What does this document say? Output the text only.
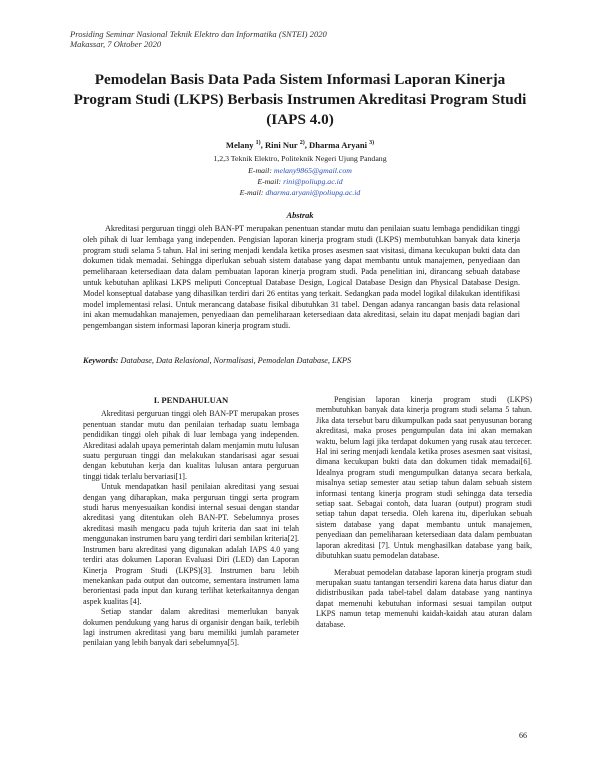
Prosiding Seminar Nasional Teknik Elektro dan Informatika (SNTEI) 2020
Makassar, 7 Oktober 2020
Pemodelan Basis Data Pada Sistem Informasi Laporan Kinerja Program Studi (LKPS) Berbasis Instrumen Akreditasi Program Studi (IAPS 4.0)
Melany $^{1)}$, Rini Nur $^{2)}$, Dharma Aryani $^{3)}$
1,2,3 Teknik Elektro, Politeknik Negeri Ujung Pandang
E-mail: melany9865@gmail.com
E-mail: rini@poliupg.ac.id
E-mail: dharma.aryani@poliupg.ac.id
Abstrak

Akreditasi perguruan tinggi oleh BAN-PT merupakan penentuan standar mutu dan penilaian suatu lembaga pendidikan tinggi oleh pihak di luar lembaga yang independen. Pengisian laporan kinerja program studi (LKPS) membutuhkan banyak data kinerja program studi selama 5 tahun. Hal ini sering menjadi kendala ketika proses asesmen saat visitasi, dimana kecukupan bukti data dan dokumen tidak memadai. Sehingga diperlukan sebuah sistem database yang dapat membantu untuk manajemen, penyediaan dan pemeliharaan ketersediaan data dalam pembuatan laporan kinerja program studi. Pada penelitian ini, dirancang sebuah database untuk kebutuhan aplikasi LKPS meliputi Conceptual Database Design, Logical Database Design dan Physical Database Design. Model konseptual database yang dihasilkan terdiri dari 26 entitas yang terkait. Sedangkan pada model logikal dilakukan identifikasi model implementasi relasi. Untuk merancang database fisikal dibutuhkan 31 tabel. Dengan adanya rancangan basis data relasional ini akan memudahkan manajemen, penyediaan dan pemeliharaan ketersediaan data akreditasi, selain itu dapat menjadi bagian dari pengembangan sistem informasi laporan kinerja program studi.

Keywords: Database, Data Relasional, Normalisasi, Pemodelan Database, LKPS
I. PENDAHULUAN

Akreditasi perguruan tinggi oleh BAN-PT merupakan proses penentuan standar mutu dan penilaian terhadap suatu lembaga pendidikan tinggi oleh pihak di luar lembaga yang independen. Akreditasi adalah upaya pemerintah dalam menjamin mutu lulusan suatu perguruan tinggi dan melakukan standarisasi agar sesuai dengan kebutuhan kerja dan kualitas lulusan antara perguruan tinggi tidak terlalu bervariasi[1].

Untuk mendapatkan hasil penilaian akreditasi yang sesuai dengan yang diharapkan, maka perguruan tinggi serta program studi harus menyesuaikan kondisi internal sesuai dengan standar akreditasi yang ditentukan oleh BAN-PT. Sebelumnya proses akreditasi masih mengacu pada tujuh kriteria dan saat ini telah menggunakan instrumen baru yang terdiri dari sembilan kriteria[2]. Instrumen baru akreditasi yang digunakan adalah IAPS 4.0 yang terdiri atas dokumen Laporan Evaluasi Diri (LED) dan Laporan Kinerja Program Studi (LKPS)[3]. Instrumen baru lebih menekankan pada output dan outcome, sementara instrumen lama berorientasi pada input dan kurang terlihat keterkaitannya dengan aspek kualitas [4].

Setiap standar dalam akreditasi memerlukan banyak dokumen pendukung yang harus di organisir dengan baik, terlebih lagi instrumen akreditasi yang baru memiliki jumlah parameter penilaian yang lebih banyak dari sebelumnya[5].

Pengisian laporan kinerja program studi (LKPS) membutuhkan banyak data kinerja program studi selama 5 tahun. Jika data tersebut baru dikumpulkan pada saat penyusunan borang akreditasi, maka proses pengumpulan data ini akan memakan waktu, belum lagi jika terdapat dokumen yang rusak atau tercecer. Hal ini sering menjadi kendala ketika proses asesmen saat visitasi, dimana kecukupan bukti data dan dokumen tidak memadai[6]. Idealnya program studi mengumpulkan datanya secara berkala, misalnya setiap semester atau setiap tahun dalam sebuah sistem informasi tentang kinerja program studi sehingga data tersedia setiap saat. Sebagai contoh, data luaran (output) program studi setiap tahun dapat tersedia. Oleh karena itu, diperlukan sebuah sistem database yang dapat membantu untuk manajemen, penyediaan dan pemeliharaan ketersediaan data dalam pembuatan laporan akreditasi [7]. Untuk menghasilkan database yang baik, dibutuhkan suatu pemodelan database.

Merabuat pemodelan database laporan kinerja program studi merupakan suatu tantangan tersendiri karena data harus diatur dan didistribusikan pada tabel-tabel dalam database yang nantinya dapat memenuhi kebutuhan informasi sesuai tampilan output LKPS namun tetap memenuhi kaidah-kaidah atau aturan dalam database.

66
